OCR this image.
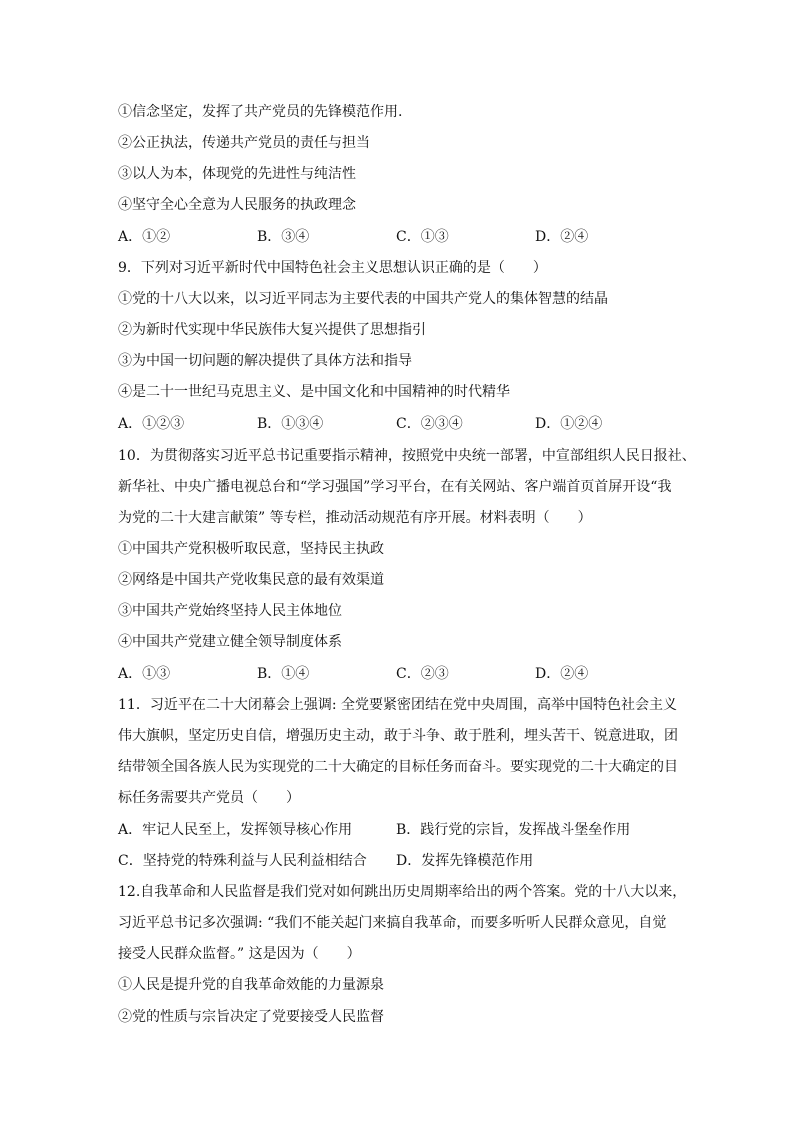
①信念坚定，发挥了共产党员的先锋模范作用.
②公正执法，传递共产党员的责任与担当
③以人为本，体现党的先进性与纯洁性
④坚守全心全意为人民服务的执政理念
A．①②	B．③④	C．①③	D．②④
9．下列对习近平新时代中国特色社会主义思想认识正确的是（　　）
①党的十八大以来，以习近平同志为主要代表的中国共产党人的集体智慧的结晶
②为新时代实现中华民族伟大复兴提供了思想指引
③为中国一切问题的解决提供了具体方法和指导
④是二十一世纪马克思主义、是中国文化和中国精神的时代精华
A．①②③	B．①③④	C．②③④	D．①②④
10．为贯彻落实习近平总书记重要指示精神，按照党中央统一部署，中宣部组织人民日报社、
新华社、中央广播电视总台和“学习强国”学习平台，在有关网站、客户端首页首屏开设“我
为党的二十大建言献策” 等专栏，推动活动规范有序开展。材料表明（　　）
①中国共产党积极听取民意，坚持民主执政
②网络是中国共产党收集民意的最有效渠道
③中国共产党始终坚持人民主体地位
④中国共产党建立健全领导制度体系
A．①③	B．①④	C．②③	D．②④
11．习近平在二十大闭幕会上强调: 全党要紧密团结在党中央周围，高举中国特色社会主义
伟大旗帜，坚定历史自信，增强历史主动，敢于斗争、敢于胜利，埋头苦干、锐意进取，团
结带领全国各族人民为实现党的二十大确定的目标任务而奋斗。要实现党的二十大确定的目
标任务需要共产党员（　　）
A．牢记人民至上，发挥领导核心作用	B．践行党的宗旨，发挥战斗堡垒作用
C．坚持党的特殊利益与人民利益相结合 D．发挥先锋模范作用
12.自我革命和人民监督是我们党对如何跳出历史周期率给出的两个答案。党的十八大以来，
习近平总书记多次强调: “我们不能关起门来搞自我革命，而要多听听人民群众意见，自觉
接受人民群众监督。” 这是因为（　　）
①人民是提升党的自我革命效能的力量源泉
②党的性质与宗旨决定了党要接受人民监督
